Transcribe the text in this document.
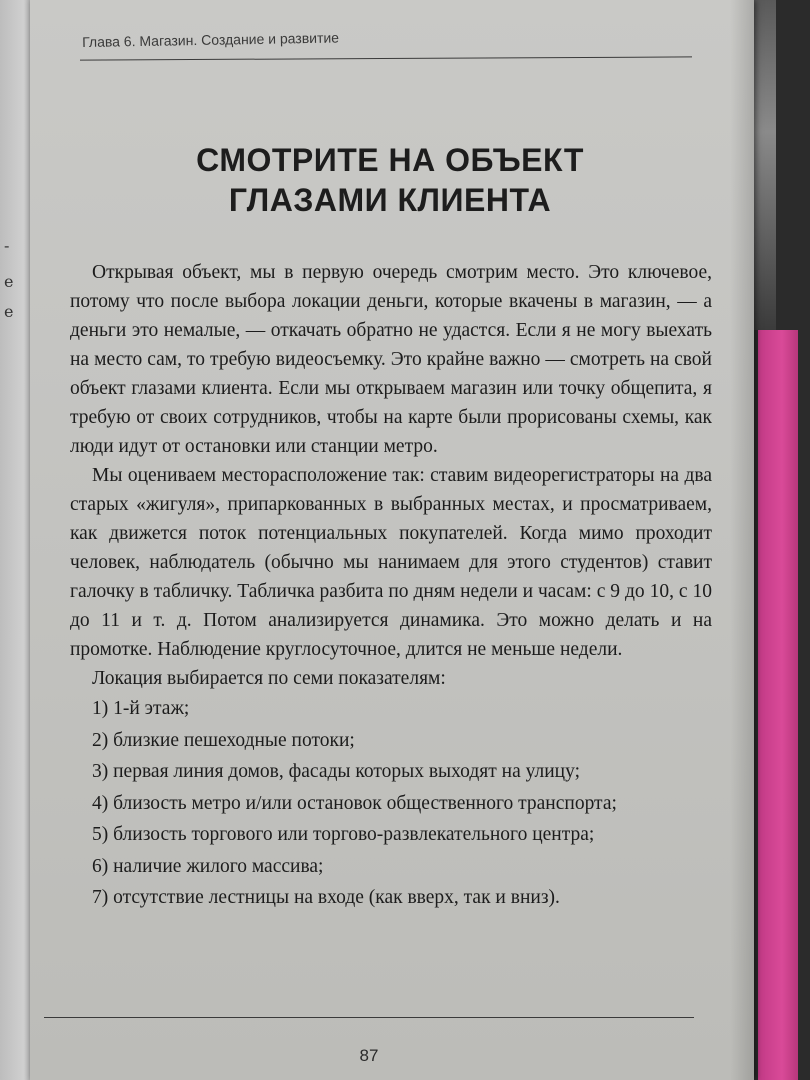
-
е
е
Глава 6. Магазин. Создание и развитие
СМОТРИТЕ НА ОБЪЕКТ
ГЛАЗАМИ КЛИЕНТА

Открывая объект, мы в первую очередь смотрим место. Это ключевое, потому что после выбора локации деньги, которые вкачены в магазин, — а деньги это немалые, — откачать обратно не удастся. Если я не могу выехать на место сам, то требую видеосъемку. Это крайне важно — смотреть на свой объект глазами клиента. Если мы открываем магазин или точку общепита, я требую от своих сотрудников, чтобы на карте были прорисованы схемы, как люди идут от остановки или станции метро.

Мы оцениваем месторасположение так: ставим видеорегистраторы на два старых «жигуля», припаркованных в выбранных местах, и просматриваем, как движется поток потенциальных покупателей. Когда мимо проходит человек, наблюдатель (обычно мы нанимаем для этого студентов) ставит галочку в табличку. Табличка разбита по дням недели и часам: с 9 до 10, с 10 до 11 и т. д. Потом анализируется динамика. Это можно делать и на промотке. Наблюдение круглосуточное, длится не меньше недели.

Локация выбирается по семи показателям:

1) 1-й этаж;
2) близкие пешеходные потоки;
3) первая линия домов, фасады которых выходят на улицу;
4) близость метро и/или остановок общественного транспорта;
5) близость торгового или торгово-развлекательного центра;
6) наличие жилого массива;
7) отсутствие лестницы на входе (как вверх, так и вниз).
87
